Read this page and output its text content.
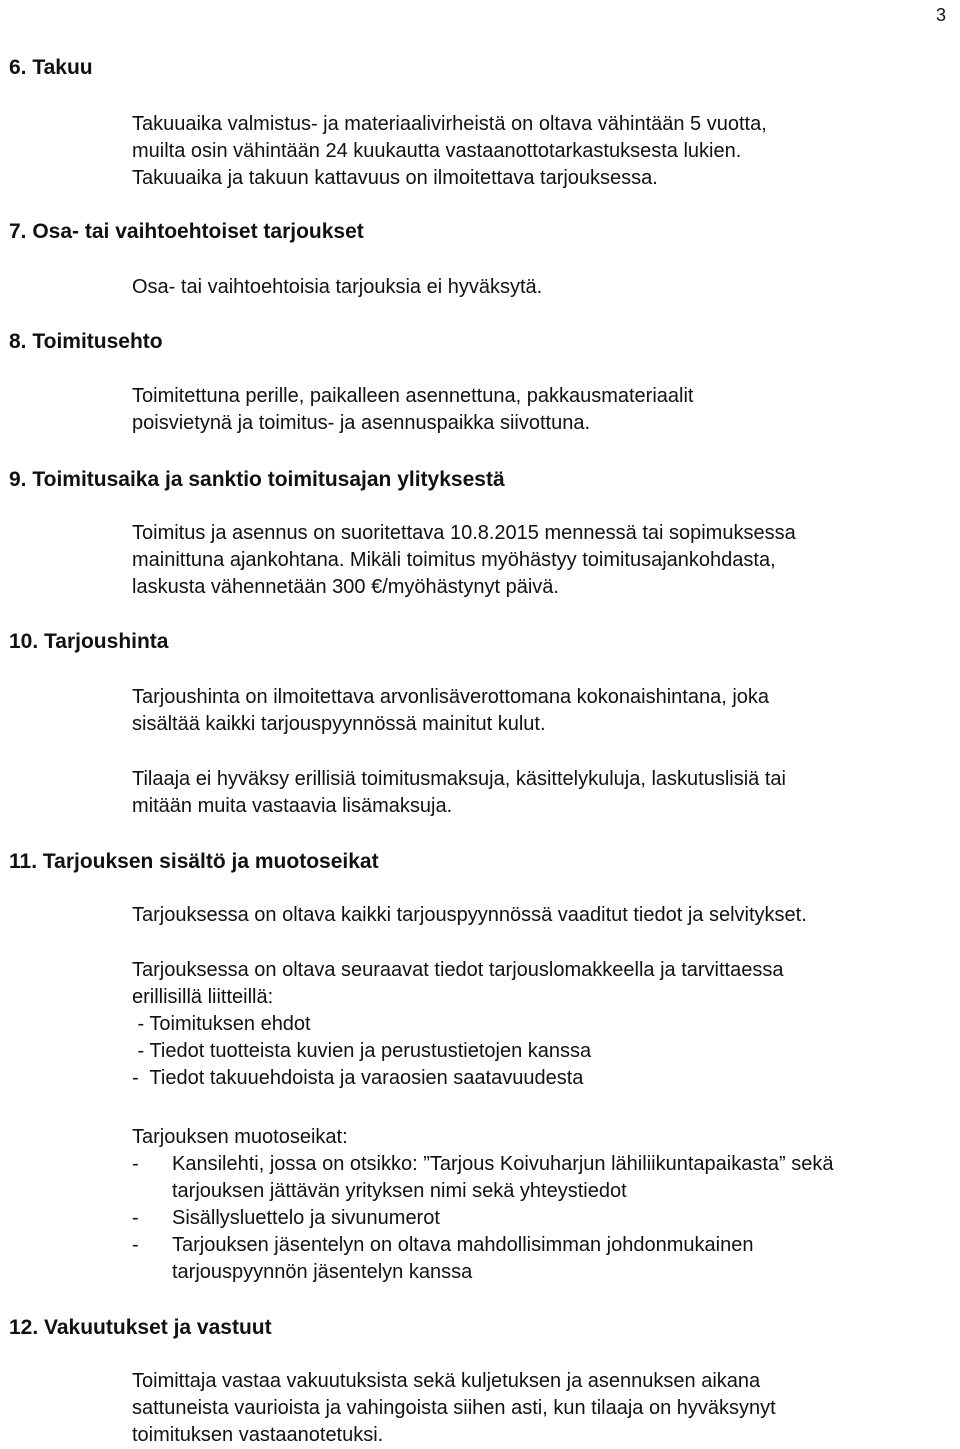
3
6. Takuu
Takuuaika valmistus- ja materiaalivirheistä on oltava vähintään 5 vuotta,
muilta osin vähintään 24 kuukautta vastaanottotarkastuksesta lukien.
Takuuaika ja takuun kattavuus on ilmoitettava tarjouksessa.
7. Osa- tai vaihtoehtoiset tarjoukset
Osa- tai vaihtoehtoisia tarjouksia ei hyväksytä.
8. Toimitusehto
Toimitettuna perille, paikalleen asennettuna, pakkausmateriaalit
poisvietynä ja toimitus- ja asennuspaikka siivottuna.
9. Toimitusaika ja sanktio toimitusajan ylityksestä
Toimitus ja asennus on suoritettava 10.8.2015 mennessä tai sopimuksessa
mainittuna ajankohtana. Mikäli toimitus myöhästyy toimitusajankohdasta,
laskusta vähennetään 300 €/myöhästynyt päivä.
10. Tarjoushinta
Tarjoushinta on ilmoitettava arvonlisäverottomana kokonaishintana, joka
sisältää kaikki tarjouspyynnössä mainitut kulut.
Tilaaja ei hyväksy erillisiä toimitusmaksuja, käsittelykuluja, laskutuslisiä tai
mitään muita vastaavia lisämaksuja.
11. Tarjouksen sisältö ja muotoseikat
Tarjouksessa on oltava kaikki tarjouspyynnössä vaaditut tiedot ja selvitykset.
Tarjouksessa on oltava seuraavat tiedot tarjouslomakkeella ja tarvittaessa
erillisillä liitteillä:
- Toimituksen ehdot
- Tiedot tuotteista kuvien ja perustustietojen kanssa
-  Tiedot takuuehdoista ja varaosien saatavuudesta
Tarjouksen muotoseikat:
- Kansilehti, jossa on otsikko: ”Tarjous Koivuharjun lähiliikuntapaikasta” sekä
tarjouksen jättävän yrityksen nimi sekä yhteystiedot
- Sisällysluettelo ja sivunumerot
- Tarjouksen jäsentelyn on oltava mahdollisimman johdonmukainen
tarjouspyynnön jäsentelyn kanssa
12. Vakuutukset ja vastuut
Toimittaja vastaa vakuutuksista sekä kuljetuksen ja asennuksen aikana
sattuneista vaurioista ja vahingoista siihen asti, kun tilaaja on hyväksynyt
toimituksen vastaanotetuksi.
